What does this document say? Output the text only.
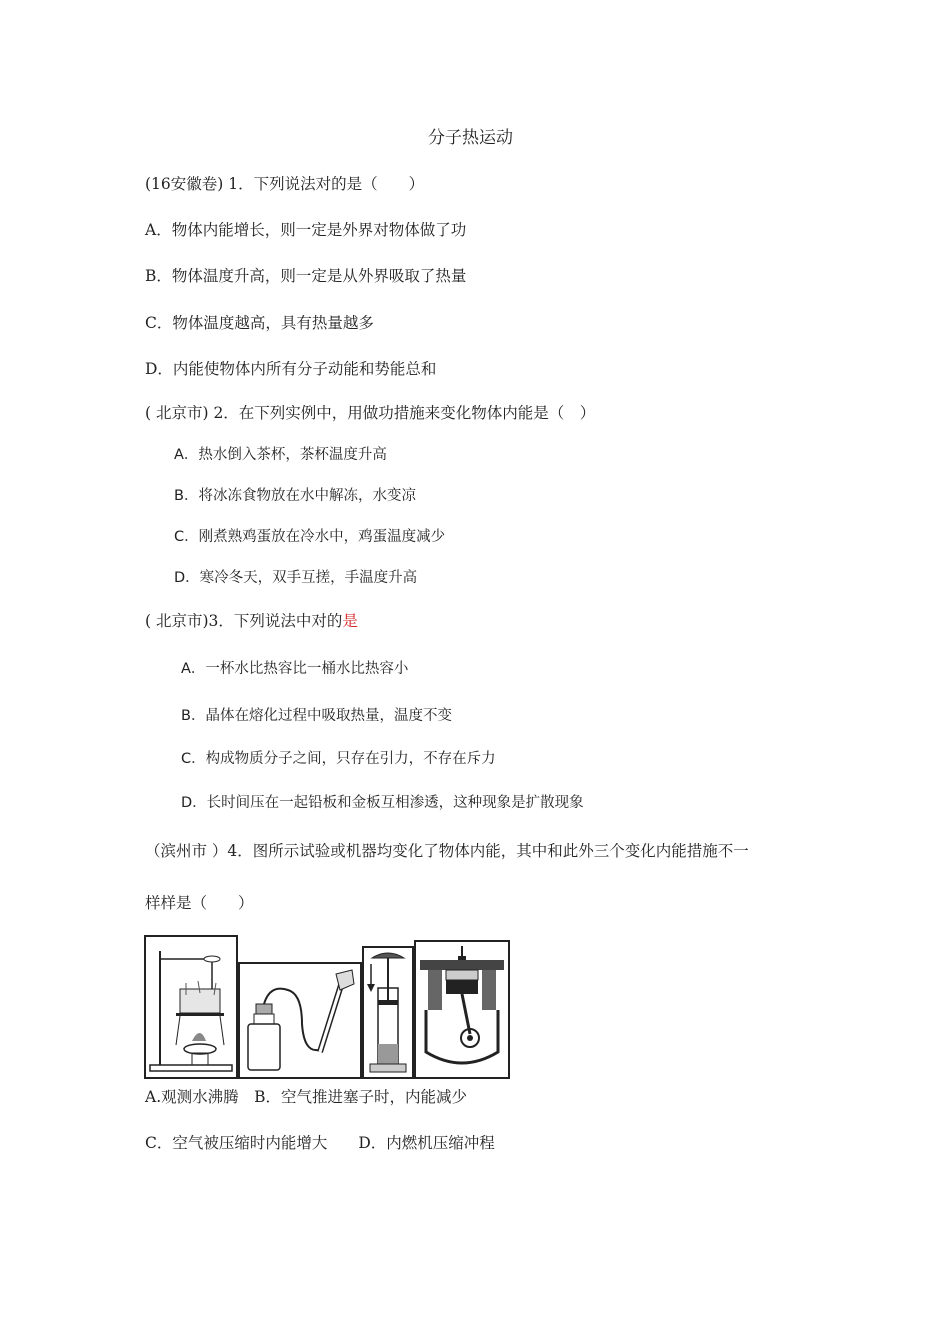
分子热运动
(16安徽卷) 1．下列说法对的是（　　）
A．物体内能增长，则一定是外界对物体做了功
B．物体温度升高，则一定是从外界吸取了热量
C．物体温度越高，具有热量越多
D．内能使物体内所有分子动能和势能总和
( 北京市) 2．在下列实例中，用做功措施来变化物体内能是（　）
A．热水倒入茶杯，茶杯温度升高
B．将冰冻食物放在水中解冻，水变凉
C．刚煮熟鸡蛋放在冷水中，鸡蛋温度减少
D．寒冷冬天，双手互搓，手温度升高
( 北京市)3．下列说法中对的是
A．一杯水比热容比一桶水比热容小
B．晶体在熔化过程中吸取热量，温度不变
C．构成物质分子之间，只存在引力，不存在斥力
D．长时间压在一起铅板和金板互相渗透，这种现象是扩散现象
（滨州市 ）4．图所示试验或机器均变化了物体内能，其中和此外三个变化内能措施不一
样样是（　　）
A.观测水沸腾　B．空气推进塞子时，内能减少
C．空气被压缩时内能增大　　D．内燃机压缩冲程
